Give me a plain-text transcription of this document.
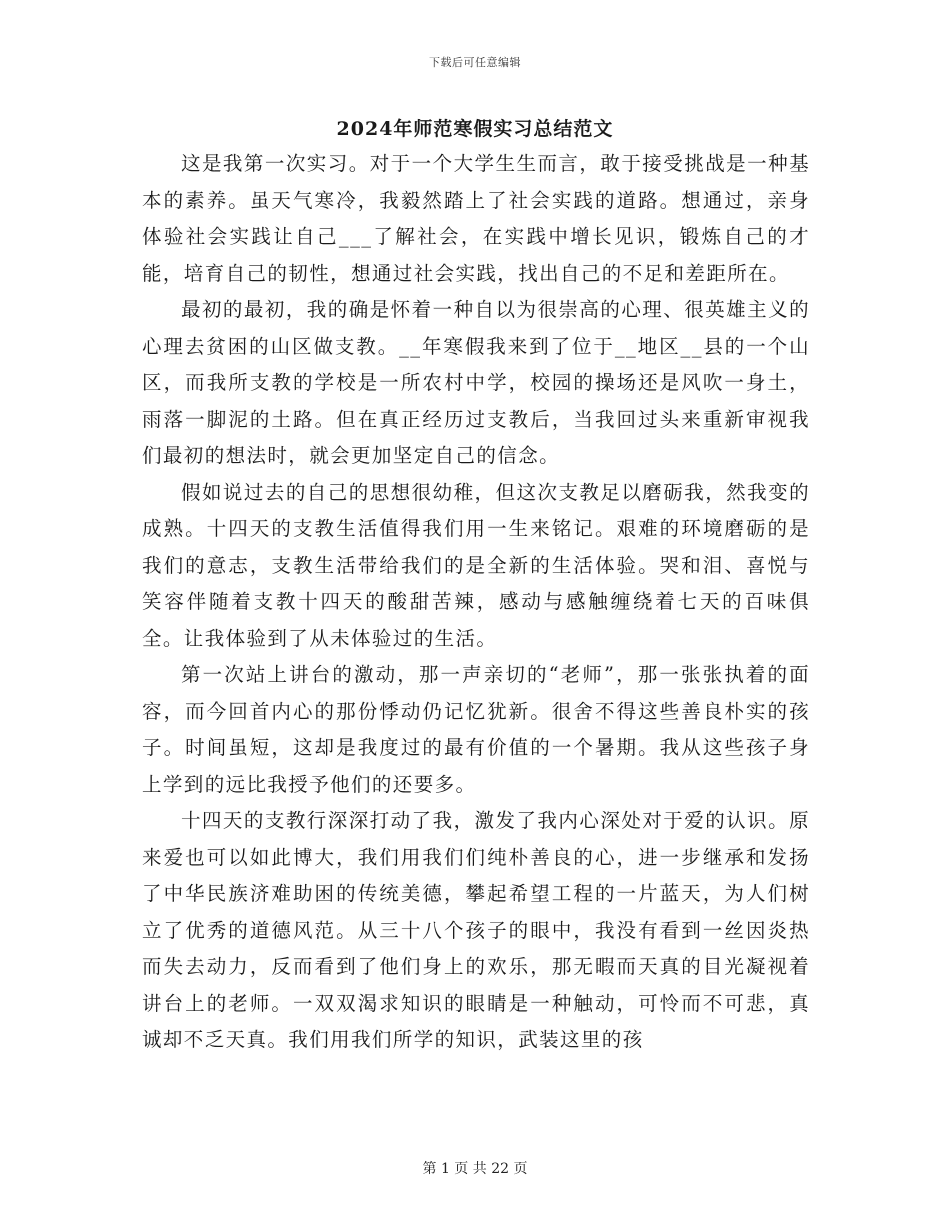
下载后可任意编辑
2024年师范寒假实习总结范文

这是我第一次实习。对于一个大学生生而言，敢于接受挑战是一种基本的素养。虽天气寒冷，我毅然踏上了社会实践的道路。想通过，亲身体验社会实践让自己___了解社会，在实践中增长见识，锻炼自己的才能，培育自己的韧性，想通过社会实践，找出自己的不足和差距所在。

最初的最初，我的确是怀着一种自以为很崇高的心理、很英雄主义的心理去贫困的山区做支教。__年寒假我来到了位于__地区__县的一个山区，而我所支教的学校是一所农村中学，校园的操场还是风吹一身土，雨落一脚泥的土路。但在真正经历过支教后，当我回过头来重新审视我们最初的想法时，就会更加坚定自己的信念。

假如说过去的自己的思想很幼稚，但这次支教足以磨砺我，然我变的成熟。十四天的支教生活值得我们用一生来铭记。艰难的环境磨砺的是我们的意志，支教生活带给我们的是全新的生活体验。哭和泪、喜悦与笑容伴随着支教十四天的酸甜苦辣，感动与感触缠绕着七天的百味俱全。让我体验到了从未体验过的生活。

第一次站上讲台的激动，那一声亲切的“老师”，那一张张执着的面容，而今回首内心的那份悸动仍记忆犹新。很舍不得这些善良朴实的孩子。时间虽短，这却是我度过的最有价值的一个暑期。我从这些孩子身上学到的远比我授予他们的还要多。

十四天的支教行深深打动了我，激发了我内心深处对于爱的认识。原来爱也可以如此博大，我们用我们们纯朴善良的心，进一步继承和发扬了中华民族济难助困的传统美德，攀起希望工程的一片蓝天，为人们树立了优秀的道德风范。从三十八个孩子的眼中，我没有看到一丝因炎热而失去动力，反而看到了他们身上的欢乐，那无暇而天真的目光凝视着讲台上的老师。一双双渴求知识的眼睛是一种触动，可怜而不可悲，真诚却不乏天真。我们用我们所学的知识，武装这里的孩

第 1 页 共 22 页
